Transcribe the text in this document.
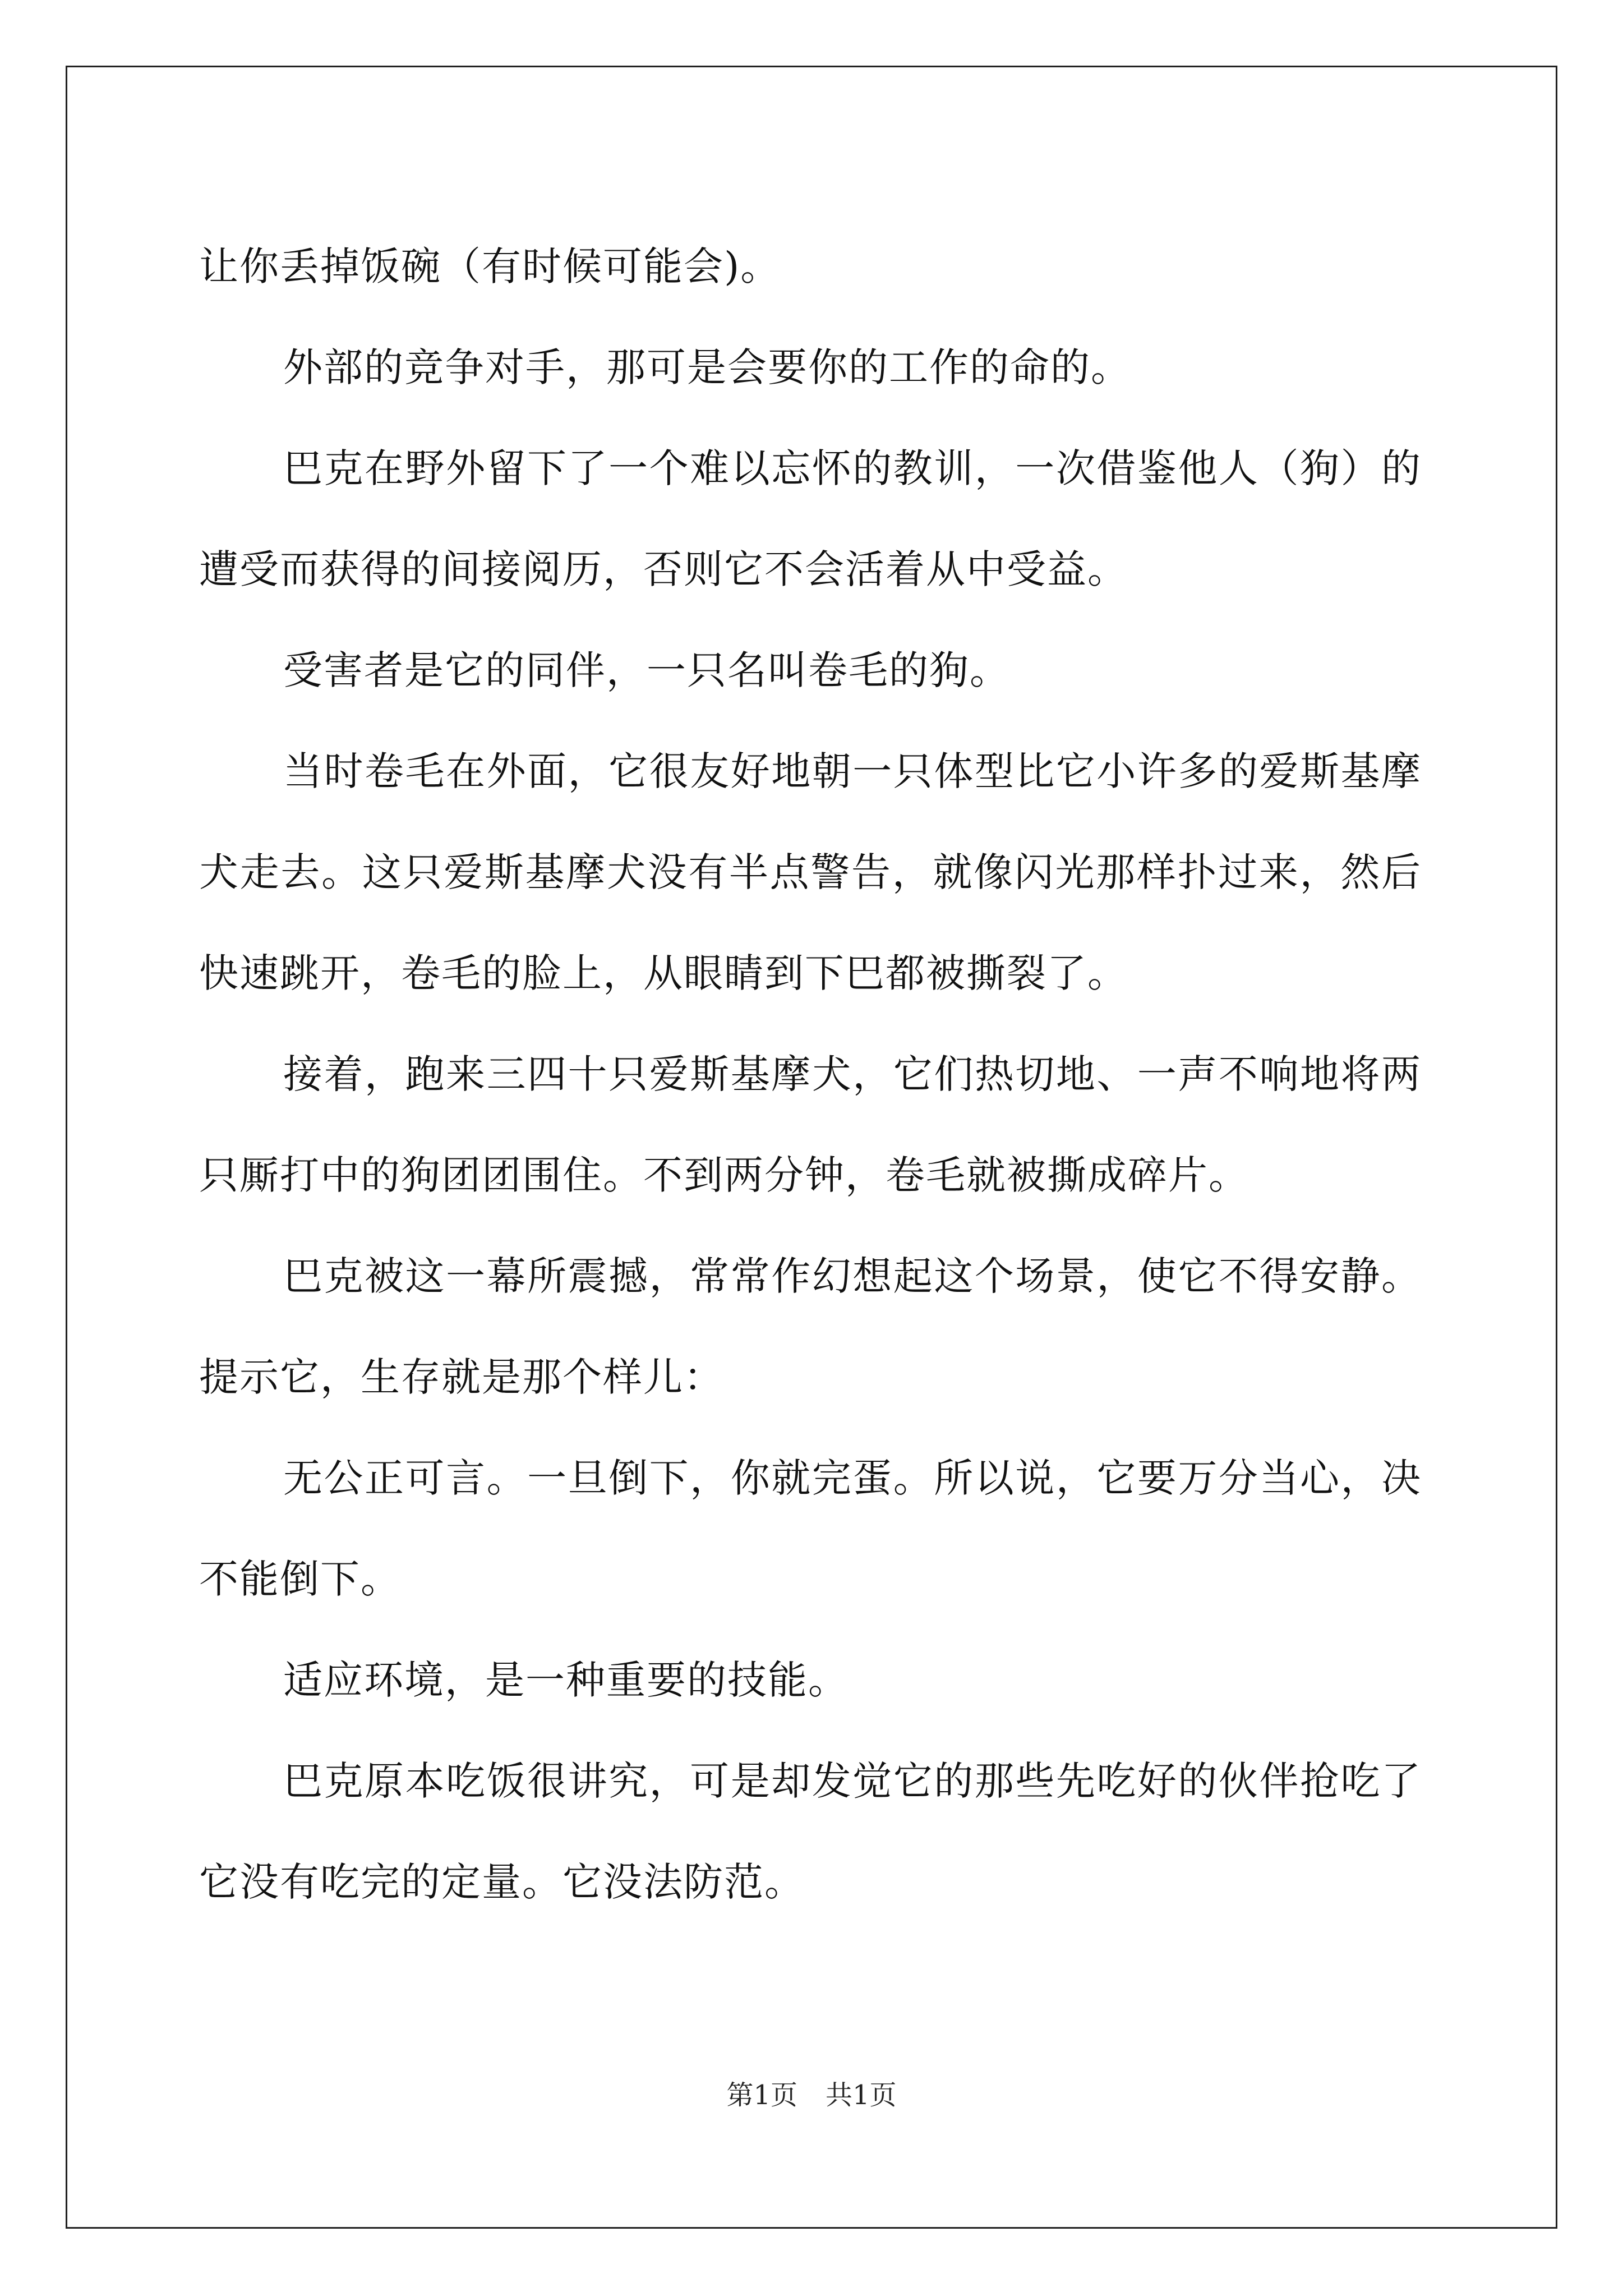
让你丢掉饭碗（有时候可能会)。

外部的竞争对手，那可是会要你的工作的命的。

巴克在野外留下了一个难以忘怀的教训，一次借鉴他人（狗）的遭受而获得的间接阅历，否则它不会活着从中受益。

受害者是它的同伴，一只名叫卷毛的狗。

当时卷毛在外面，它很友好地朝一只体型比它小许多的爱斯基摩犬走去。这只爱斯基摩犬没有半点警告，就像闪光那样扑过来，然后快速跳开，卷毛的脸上，从眼睛到下巴都被撕裂了。

接着，跑来三四十只爱斯基摩犬，它们热切地、一声不响地将两只厮打中的狗团团围住。不到两分钟，卷毛就被撕成碎片。

巴克被这一幕所震撼，常常作幻想起这个场景，使它不得安静。提示它，生存就是那个样儿：

无公正可言。一旦倒下，你就完蛋。所以说，它要万分当心，决不能倒下。

适应环境，是一种重要的技能。

巴克原本吃饭很讲究，可是却发觉它的那些先吃好的伙伴抢吃了它没有吃完的定量。它没法防范。

第1页 共1页
